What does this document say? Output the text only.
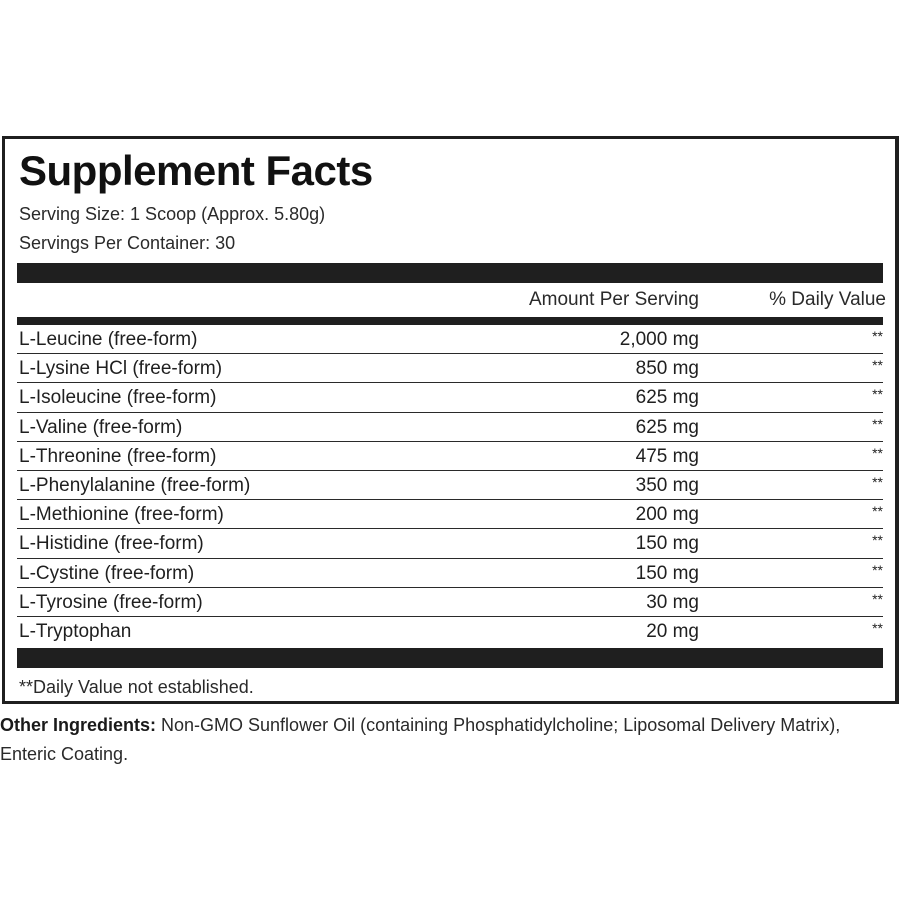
Supplement Facts
Serving Size: 1 Scoop (Approx. 5.80g)
Servings Per Container: 30
Amount Per Serving	% Daily Value
L-Leucine (free-form)	2,000 mg	**
L-Lysine HCl (free-form)	850 mg	**
L-Isoleucine (free-form)	625 mg	**
L-Valine (free-form)	625 mg	**
L-Threonine (free-form)	475 mg	**
L-Phenylalanine (free-form)	350 mg	**
L-Methionine (free-form)	200 mg	**
L-Histidine (free-form)	150 mg	**
L-Cystine (free-form)	150 mg	**
L-Tyrosine (free-form)	30 mg	**
L-Tryptophan	20 mg	**
**Daily Value not established.

Other Ingredients: Non-GMO Sunflower Oil (containing Phosphatidylcholine; Liposomal Delivery Matrix), Enteric Coating.
